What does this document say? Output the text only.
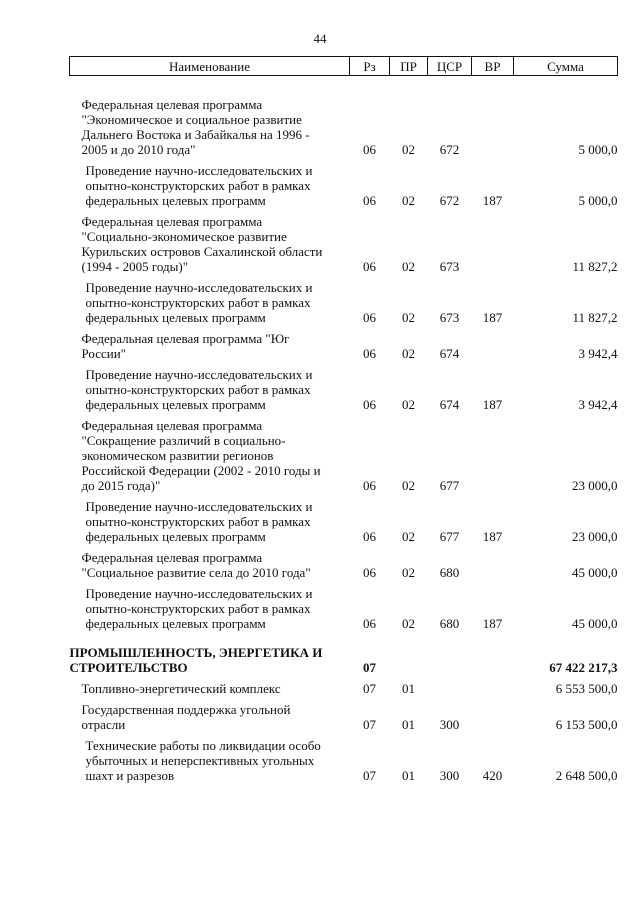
44
Наименование	Рз	ПР	ЦСР	ВР	Сумма

Федеральная целевая программа
"Экономическое и социальное развитие
Дальнего Востока и Забайкалья на 1996 -
2005 и до 2010 года"	06	02	672		5 000,0
Проведение научно-исследовательских и
опытно-конструкторских работ в рамках
федеральных целевых программ	06	02	672	187	5 000,0
Федеральная целевая программа
"Социально-экономическое развитие
Курильских островов Сахалинской области
(1994 - 2005 годы)"	06	02	673		11 827,2
Проведение научно-исследовательских и
опытно-конструкторских работ в рамках
федеральных целевых программ	06	02	673	187	11 827,2
Федеральная целевая программа "Юг
России"	06	02	674		3 942,4
Проведение научно-исследовательских и
опытно-конструкторских работ в рамках
федеральных целевых программ	06	02	674	187	3 942,4
Федеральная целевая программа
"Сокращение различий в социально-
экономическом развитии регионов
Российской Федерации (2002 - 2010 годы и
до 2015 года)"	06	02	677		23 000,0
Проведение научно-исследовательских и
опытно-конструкторских работ в рамках
федеральных целевых программ	06	02	677	187	23 000,0
Федеральная целевая программа
"Социальное развитие села до 2010 года"	06	02	680		45 000,0
Проведение научно-исследовательских и
опытно-конструкторских работ в рамках
федеральных целевых программ	06	02	680	187	45 000,0
ПРОМЫШЛЕННОСТЬ, ЭНЕРГЕТИКА И
СТРОИТЕЛЬСТВО	07				67 422 217,3
Топливно-энергетический комплекс	07	01			6 553 500,0
Государственная поддержка угольной
отрасли	07	01	300		6 153 500,0
Технические работы по ликвидации особо
убыточных и неперспективных угольных
шахт и разрезов	07	01	300	420	2 648 500,0
